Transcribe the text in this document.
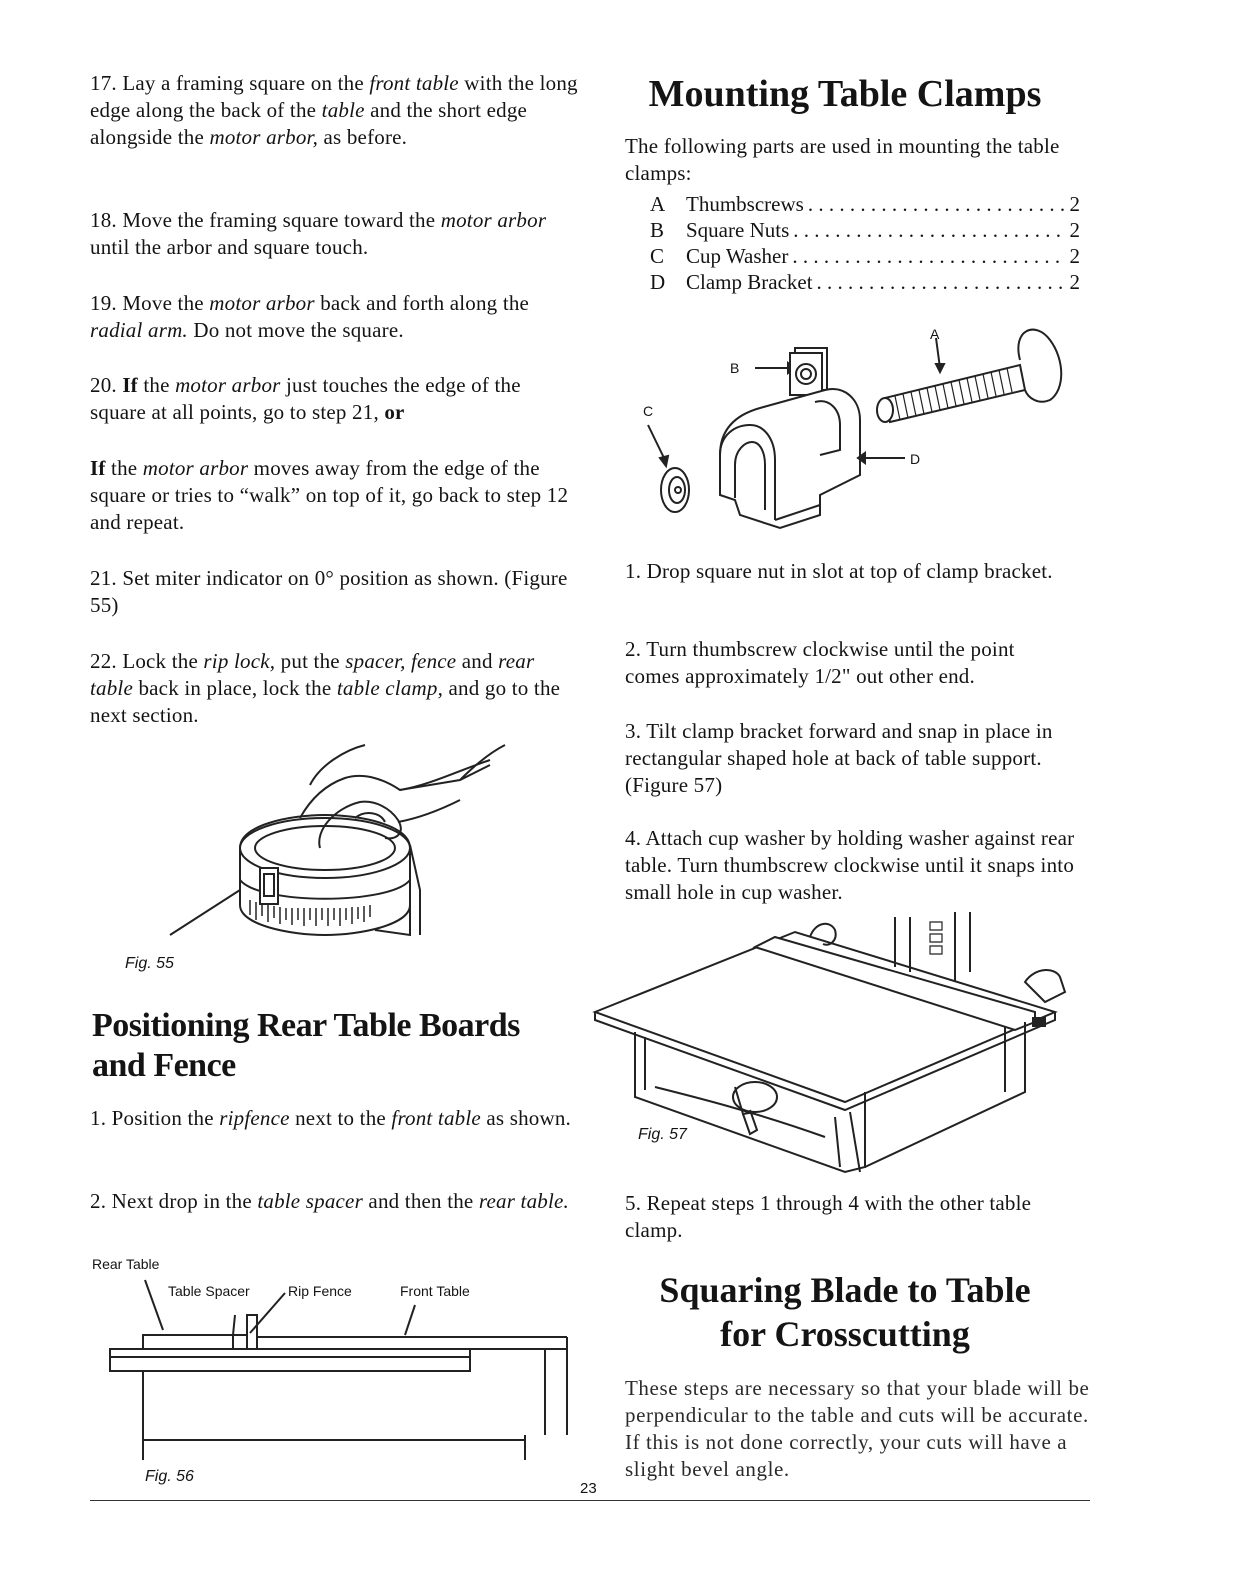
17. Lay a framing square on the front table with the long edge along the back of the table and the short edge alongside the motor arbor, as before.
18. Move the framing square toward the motor arbor until the arbor and square touch.
19. Move the motor arbor back and forth along the radial arm. Do not move the square.
20. If the motor arbor just touches the edge of the square at all points, go to step 21, or
If the motor arbor moves away from the edge of the square or tries to “walk” on top of it, go back to step 12 and repeat.
21. Set miter indicator on 0° position as shown. (Figure 55)
22. Lock the rip lock, put the spacer, fence and rear table back in place, lock the table clamp, and go to the next section.
Fig. 55
Positioning Rear Table Boards
and Fence
1. Position the ripfence next to the front table as shown.
2. Next drop in the table spacer and then the rear table.
Rear Table
Table Spacer	Rip Fence	Front Table
Fig. 56
Mounting Table Clamps
The following parts are used in mounting the table clamps:
A Thumbscrews . . .	2
B	Square Nuts . . .	2
C	Cup Washer . . .	2
D Clamp Bracket . . .	2
B
A
C
D
1. Drop square nut in slot at top of clamp bracket.
2. Turn thumbscrew clockwise until the point comes approximately 1/2" out other end.
3. Tilt clamp bracket forward and snap in place in rectangular shaped hole at back of table support. (Figure 57)
4. Attach cup washer by holding washer against rear table. Turn thumbscrew clockwise until it snaps into small hole in cup washer.
Fig. 57
5. Repeat steps 1 through 4 with the other table clamp.
Squaring Blade to Table
for Crosscutting
These steps are necessary so that your blade will be perpendicular to the table and cuts will be accurate. If this is not done correctly, your cuts will have a slight bevel angle.
23
